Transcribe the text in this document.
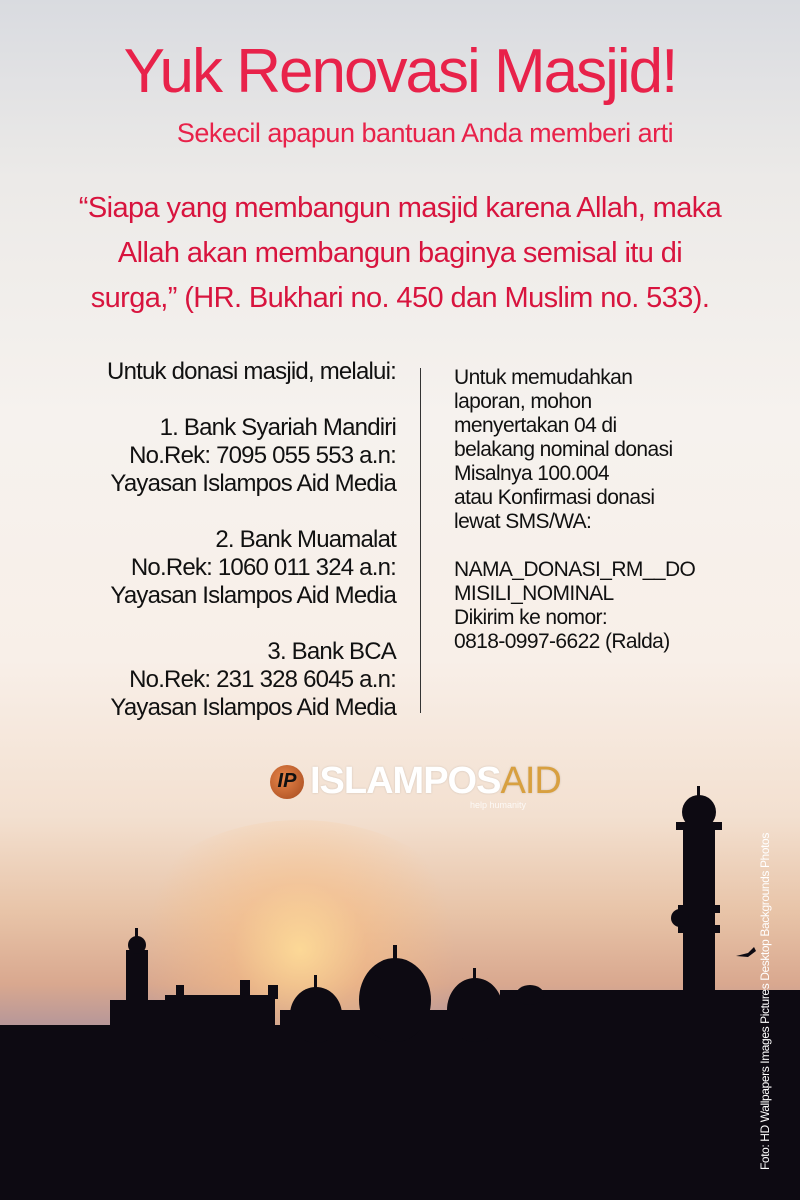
Yuk Renovasi Masjid!
Sekecil apapun bantuan Anda memberi arti
“Siapa yang membangun masjid karena Allah, maka
Allah akan membangun baginya semisal itu di
surga,” (HR. Bukhari no. 450 dan Muslim no. 533).
Untuk donasi masjid, melalui:
1. Bank Syariah Mandiri
No.Rek: 7095 055 553 a.n:
Yayasan Islampos Aid Media
2. Bank Muamalat
No.Rek: 1060 011 324 a.n:
Yayasan Islampos Aid Media
3. Bank BCA
No.Rek: 231 328 6045 a.n:
Yayasan Islampos Aid Media
Untuk memudahkan
laporan, mohon
menyertakan 04 di
belakang nominal donasi
Misalnya 100.004
atau Konfirmasi donasi
lewat SMS/WA:
NAMA_DONASI_RM__DO
MISILI_NOMINAL
Dikirim ke nomor:
0818-0997-6622 (Ralda)
IP ISLAMPOSAID
help humanity
Foto: HD Wallpapers Images Pictures Desktop Backgrounds Photos
